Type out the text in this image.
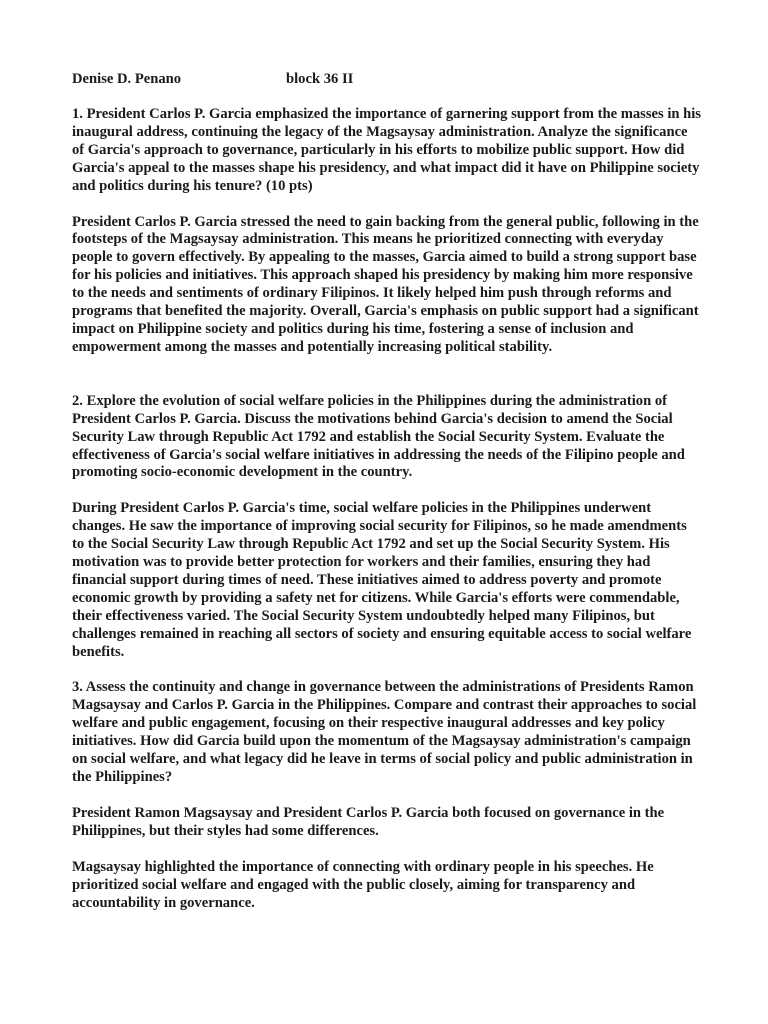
Denise D. Penano	block 36 II

1. President Carlos P. Garcia emphasized the importance of garnering support from the masses in his inaugural address, continuing the legacy of the Magsaysay administration. Analyze the significance of Garcia's approach to governance, particularly in his efforts to mobilize public support. How did Garcia's appeal to the masses shape his presidency, and what impact did it have on Philippine society and politics during his tenure? (10 pts)

President Carlos P. Garcia stressed the need to gain backing from the general public, following in the footsteps of the Magsaysay administration. This means he prioritized connecting with everyday people to govern effectively. By appealing to the masses, Garcia aimed to build a strong support base for his policies and initiatives. This approach shaped his presidency by making him more responsive to the needs and sentiments of ordinary Filipinos. It likely helped him push through reforms and programs that benefited the majority. Overall, Garcia's emphasis on public support had a significant impact on Philippine society and politics during his time, fostering a sense of inclusion and empowerment among the masses and potentially increasing political stability.

2. Explore the evolution of social welfare policies in the Philippines during the administration of President Carlos P. Garcia. Discuss the motivations behind Garcia's decision to amend the Social Security Law through Republic Act 1792 and establish the Social Security System. Evaluate the effectiveness of Garcia's social welfare initiatives in addressing the needs of the Filipino people and promoting socio-economic development in the country.

During President Carlos P. Garcia's time, social welfare policies in the Philippines underwent changes. He saw the importance of improving social security for Filipinos, so he made amendments to the Social Security Law through Republic Act 1792 and set up the Social Security System. His motivation was to provide better protection for workers and their families, ensuring they had financial support during times of need. These initiatives aimed to address poverty and promote economic growth by providing a safety net for citizens. While Garcia's efforts were commendable, their effectiveness varied. The Social Security System undoubtedly helped many Filipinos, but challenges remained in reaching all sectors of society and ensuring equitable access to social welfare benefits.

3. Assess the continuity and change in governance between the administrations of Presidents Ramon Magsaysay and Carlos P. Garcia in the Philippines. Compare and contrast their approaches to social welfare and public engagement, focusing on their respective inaugural addresses and key policy initiatives. How did Garcia build upon the momentum of the Magsaysay administration's campaign on social welfare, and what legacy did he leave in terms of social policy and public administration in the Philippines?

President Ramon Magsaysay and President Carlos P. Garcia both focused on governance in the Philippines, but their styles had some differences.

Magsaysay highlighted the importance of connecting with ordinary people in his speeches. He prioritized social welfare and engaged with the public closely, aiming for transparency and accountability in governance.
